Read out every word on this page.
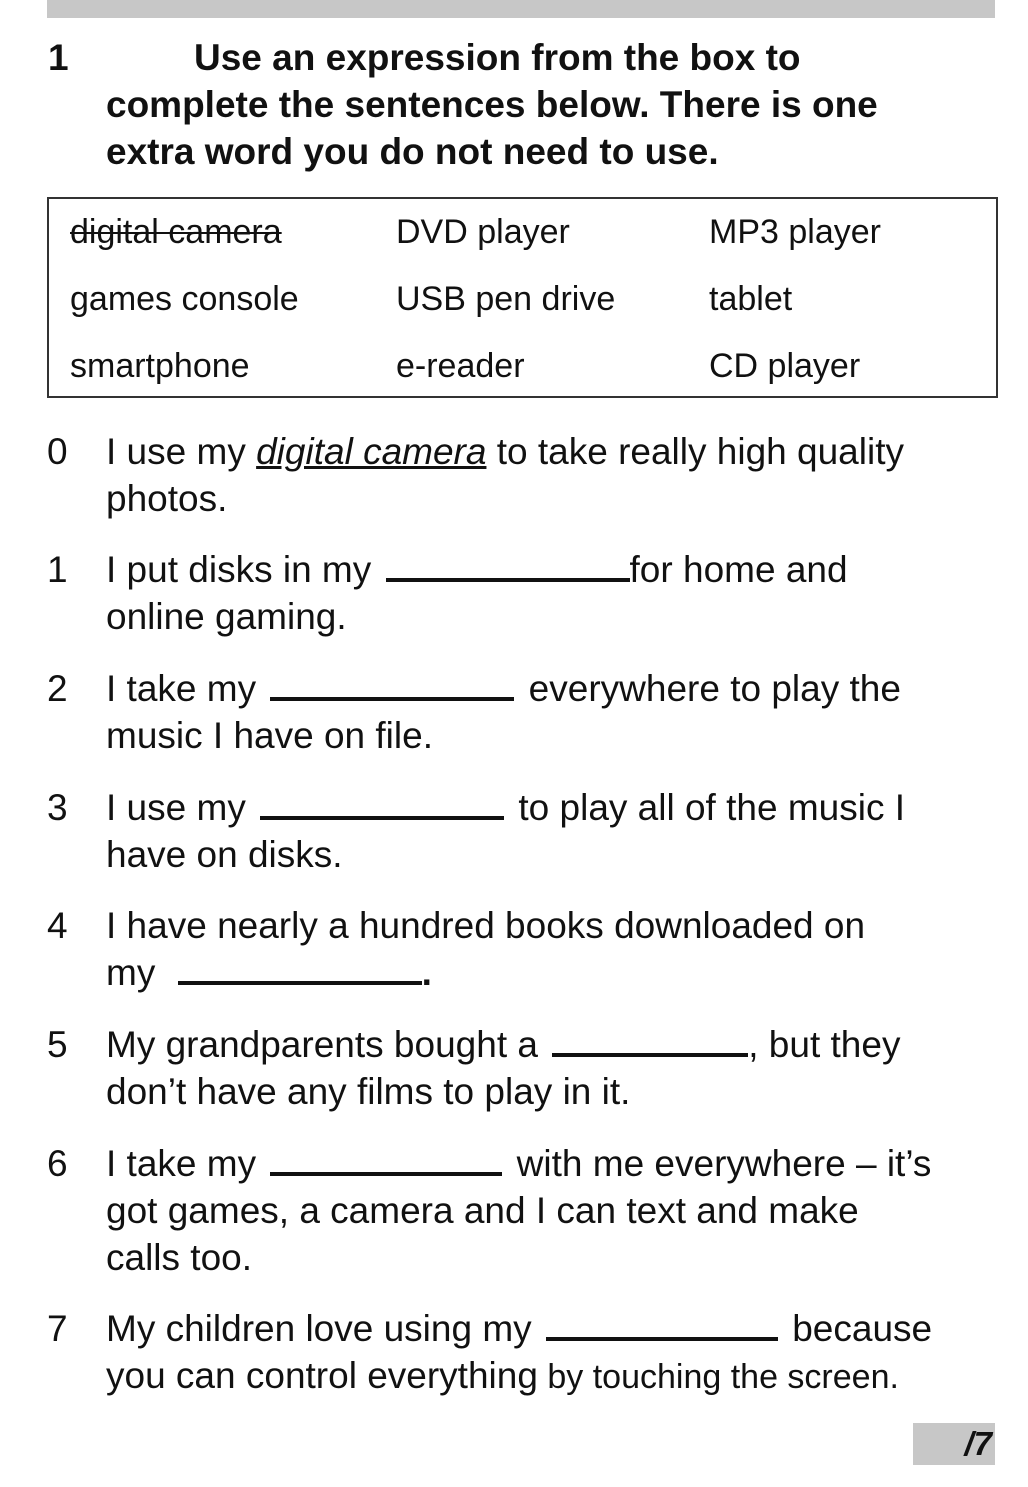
1	Use an expression from the box to
complete the sentences below. There is one
extra word you do not need to use.
digital camera	DVD player	MP3 player
games console	USB pen drive	tablet
smartphone	e-reader	CD player
0 I use my digital camera to take really high quality
photos.
1 I put disks in my	for home and
online gaming.
2 I take my	everywhere to play the
music I have on file.
3 I use my	to play all of the music I
have on disks.
4 I have nearly a hundred books downloaded on
my	.
5 My grandparents bought a	, but they
don’t have any films to play in it.
6 I take my	with me everywhere – it’s
got games, a camera and I can text and make
calls too.
7 My children love using my	because
you can control everything by touching the screen.
/7
